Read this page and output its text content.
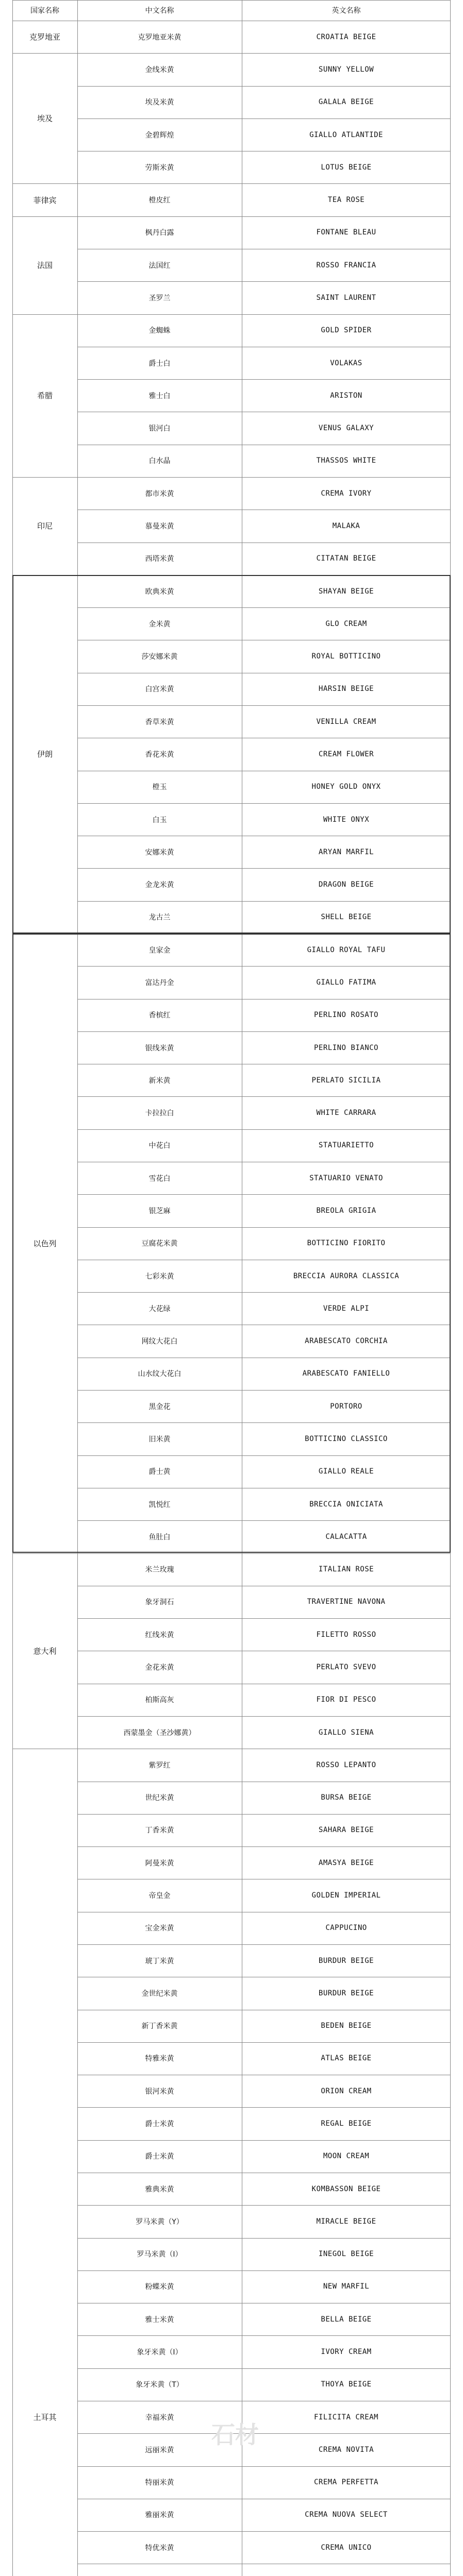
国家名称	中文名称	英文名称
克罗地亚	克罗地亚米黄	CROATIA BEIGE
埃及
金线米黄	SUNNY YELLOW
埃及米黄	GALALA BEIGE
金碧辉煌	GIALLO ATLANTIDE
劳斯米黄	LOTUS BEIGE
菲律宾	橙皮红	TEA ROSE
法国
枫丹白露	FONTANE BLEAU
法国红	ROSSO FRANCIA
圣罗兰	SAINT LAURENT
希腊
金蜘蛛	GOLD SPIDER
爵士白	VOLAKAS
雅士白	ARISTON
银河白	VENUS GALAXY
白水晶	THASSOS WHITE
印尼
都市米黄	CREMA IVORY
慕曼米黄	MALAKA
西塔米黄	CITATAN BEIGE
伊朗
欧典米黄	SHAYAN BEIGE
金米黄	GLO CREAM
莎安娜米黄	ROYAL BOTTICINO
白宫米黄	HARSIN BEIGE
香草米黄	VENILLA CREAM
香花米黄	CREAM FLOWER
橙玉	HONEY GOLD ONYX
白玉	WHITE ONYX
安娜米黄	ARYAN MARFIL
金龙米黄	DRAGON BEIGE
龙古兰	SHELL BEIGE
以色列
皇家金	GIALLO ROYAL TAFU
富达丹金	GIALLO FATIMA
香槟红	PERLINO ROSATO
银线米黄	PERLINO BIANCO
新米黄	PERLATO SICILIA
卡拉拉白	WHITE CARRARA
中花白	STATUARIETTO
雪花白	STATUARIO VENATO
银芝麻	BREOLA GRIGIA
豆腐花米黄	BOTTICINO FIORITO
七彩米黄	BRECCIA AURORA CLASSICA
大花绿	VERDE ALPI
网纹大花白	ARABESCATO CORCHIA
山水纹大花白	ARABESCATO FANIELLO
黑金花	PORTORO
旧米黄	BOTTICINO CLASSICO
爵士黄	GIALLO REALE
凯悦红	BRECCIA ONICIATA
鱼肚白	CALACATTA
意大利
米兰玫瑰	ITALIAN ROSE
象牙洞石	TRAVERTINE NAVONA
红线米黄	FILETTO ROSSO
金花米黄	PERLATO SVEVO
柏斯高灰	FIOR DI PESCO
西蒙墨金（圣沙娜黄）	GIALLO SIENA
土耳其
紫罗红	ROSSO LEPANTO
世纪米黄	BURSA BEIGE
丁香米黄	SAHARA BEIGE
阿曼米黄	AMASYA BEIGE
帝皇金	GOLDEN IMPERIAL
宝金米黄	CAPPUCINO
琥丁米黄	BURDUR BEIGE
金世纪米黄	BURDUR BEIGE
新丁香米黄	BEDEN BEIGE
特雅米黄	ATLAS BEIGE
银河米黄	ORION CREAM
爵士米黄	REGAL BEIGE
爵士米黄	MOON CREAM
雅典米黄	KOMBASSON BEIGE
罗马米黄（Y）	MIRACLE BEIGE
罗马米黄（I）	INEGOL BEIGE
粉蝶米黄	NEW MARFIL
雅士米黄	BELLA BEIGE
象牙米黄（I）	IVORY CREAM
象牙米黄（T）	THOYA BEIGE
幸福米黄	FILICITA CREAM
远丽米黄	CREMA NOVITA
特丽米黄	CREMA PERFETTA
雅丽米黄	CREMA NUOVA SELECT
特优米黄	CREMA UNICO
石材
